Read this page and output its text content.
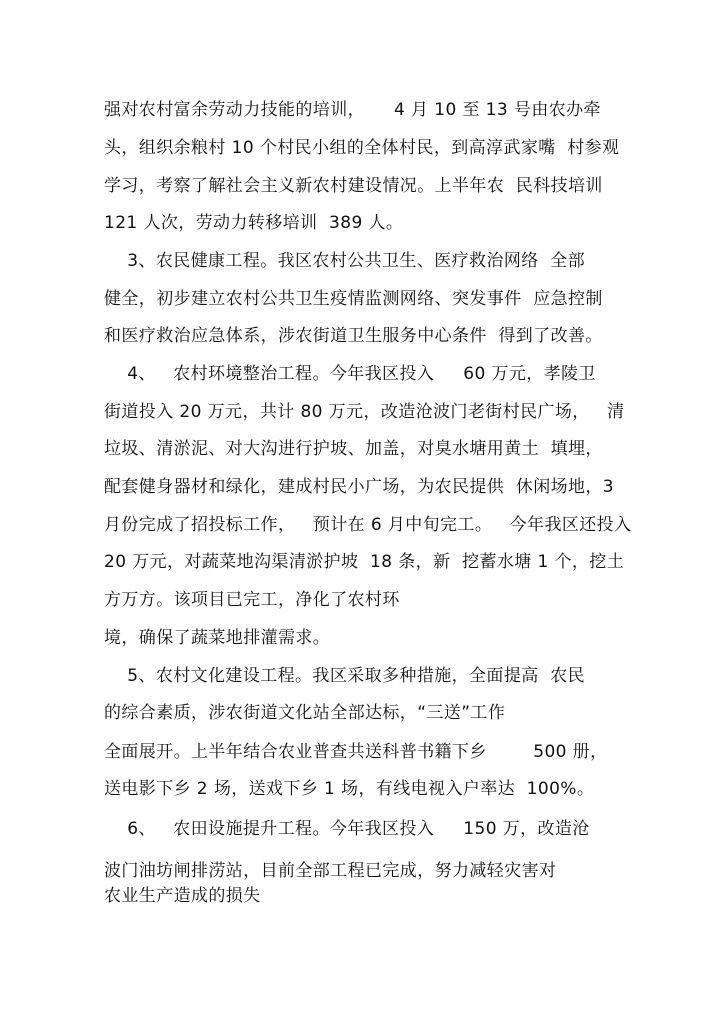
强对农村富余劳动力技能的培训，     4 月 10 至 13 号由农办牵
头，组织余粮村 10 个村民小组的全体村民，到高淳武家嘴  村参观
学习，考察了解社会主义新农村建设情况。上半年农  民科技培训
121 人次，劳动力转移培训  389 人。
3、农民健康工程。我区农村公共卫生、医疗救治网络  全部
健全，初步建立农村公共卫生疫情监测网络、突发事件  应急控制
和医疗救治应急体系，涉农街道卫生服务中心条件  得到了改善。
4、   农村环境整治工程。今年我区投入     60 万元，孝陵卫
街道投入 20 万元，共计 80 万元，改造沧波门老街村民广场，   清
垃圾、清淤泥、对大沟进行护坡、加盖，对臭水塘用黄土  填埋，
配套健身器材和绿化，建成村民小广场，为农民提供  休闲场地，3
月份完成了招投标工作，   预计在 6 月中旬完工。   今年我区还投入
20 万元，对蔬菜地沟渠清淤护坡  18 条，新  挖蓄水塘 1 个，挖土
方万方。该项目已完工，净化了农村环
境，确保了蔬菜地排灌需求。
5、农村文化建设工程。我区采取多种措施，全面提高  农民
的综合素质，涉农街道文化站全部达标，“三送”工作
全面展开。上半年结合农业普查共送科普书籍下乡        500 册，
送电影下乡 2 场，送戏下乡 1 场，有线电视入户率达  100%。
6、   农田设施提升工程。今年我区投入     150 万，改造沧
波门油坊闸排涝站，目前全部工程已完成，努力减轻灾害对
农业生产造成的损失
